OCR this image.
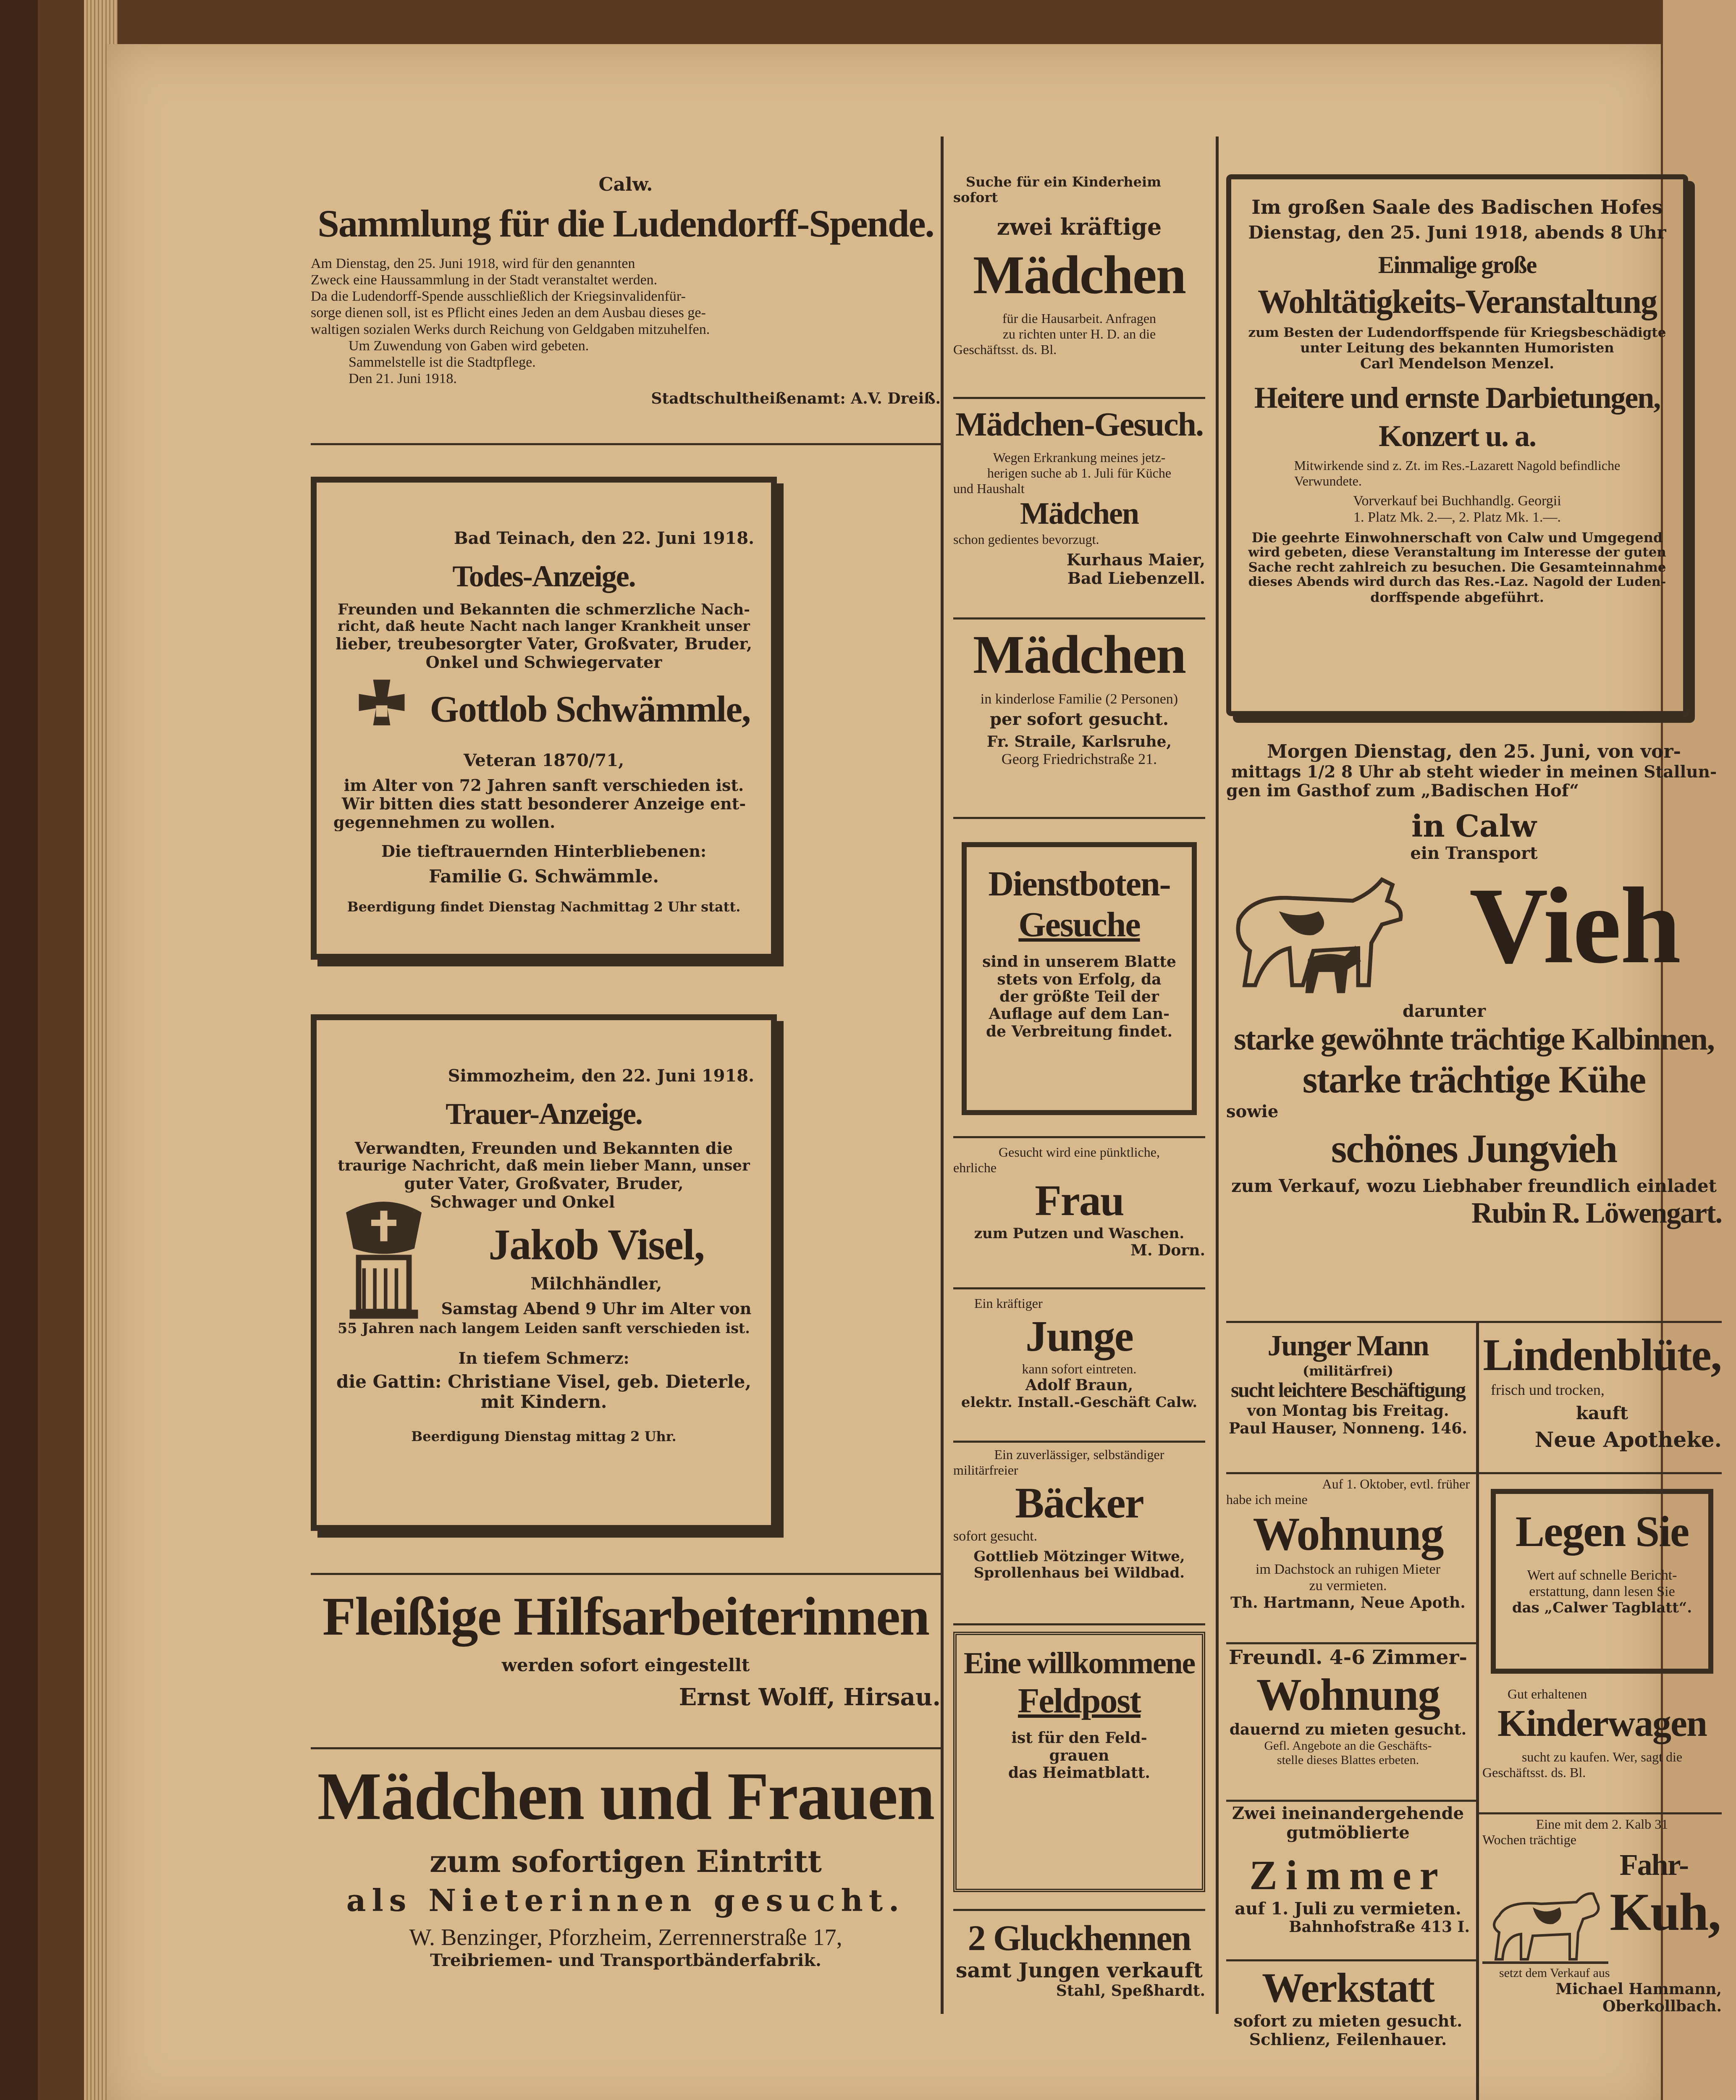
Calw.
Sammlung für die Ludendorff-Spende.
Am Dienstag, den 25. Juni 1918, wird für den genannten
Zweck eine Haussammlung in der Stadt veranstaltet werden.
Da die Ludendorff-Spende ausschließlich der Kriegsinvalidenfür-
sorge dienen soll, ist es Pflicht eines Jeden an dem Ausbau dieses ge-
waltigen sozialen Werks durch Reichung von Geldgaben mitzuhelfen.
Um Zuwendung von Gaben wird gebeten.
Sammelstelle ist die Stadtpflege.
Den 21. Juni 1918.
Stadtschultheißenamt: A.V. Dreiß.
Bad Teinach, den 22. Juni 1918.
Todes-Anzeige.
Freunden und Bekannten die schmerzliche Nach-
richt, daß heute Nacht nach langer Krankheit unser
lieber, treubesorgter Vater, Großvater, Bruder,
Onkel und Schwiegervater
Gottlob Schwämmle,
Veteran 1870/71,
im Alter von 72 Jahren sanft verschieden ist.
Wir bitten dies statt besonderer Anzeige ent-
gegennehmen zu wollen.
Die tieftrauernden Hinterbliebenen:
Familie G. Schwämmle.
Beerdigung findet Dienstag Nachmittag 2 Uhr statt.
Simmozheim, den 22. Juni 1918.
Trauer-Anzeige.
Verwandten, Freunden und Bekannten die
traurige Nachricht, daß mein lieber Mann, unser
guter Vater, Großvater, Bruder,
Schwager und Onkel
Jakob Visel,
Milchhändler,
Samstag Abend 9 Uhr im Alter von
55 Jahren nach langem Leiden sanft verschieden ist.
In tiefem Schmerz:
die Gattin: Christiane Visel, geb. Dieterle,
mit Kindern.
Beerdigung Dienstag mittag 2 Uhr.
Fleißige Hilfsarbeiterinnen
werden sofort eingestellt
Ernst Wolff, Hirsau.
Mädchen und Frauen
zum sofortigen Eintritt
als Nieterinnen gesucht.
W. Benzinger, Pforzheim, Zerrennerstraße 17,
Treibriemen- und Transportbänderfabrik.
Suche für ein Kinderheim
sofort
zwei kräftige
Mädchen
für die Hausarbeit. Anfragen
zu richten unter H. D. an die
Geschäftsst. ds. Bl.
Mädchen-Gesuch.
Wegen Erkrankung meines jetz-
herigen suche ab 1. Juli für Küche
und Haushalt
Mädchen
schon gedientes bevorzugt.
Kurhaus Maier,
Bad Liebenzell.
Mädchen
in kinderlose Familie (2 Personen)
per sofort gesucht.
Fr. Straile, Karlsruhe,
Georg Friedrichstraße 21.
Dienstboten-
Gesuche
sind in unserem Blatte
stets von Erfolg, da
der größte Teil der
Auflage auf dem Lan-
de Verbreitung findet.
Gesucht wird eine pünktliche,
ehrliche
Frau
zum Putzen und Waschen.
M. Dorn.
Ein kräftiger
Junge
kann sofort eintreten.
Adolf Braun,
elektr. Install.-Geschäft Calw.
Ein zuverlässiger, selbständiger
militärfreier
Bäcker
sofort gesucht.
Gottlieb Mötzinger Witwe,
Sprollenhaus bei Wildbad.
Eine willkommene
Feldpost
ist für den Feld-
grauen
das Heimatblatt.
2 Gluckhennen
samt Jungen verkauft
Stahl, Speßhardt.
Im großen Saale des Badischen Hofes
Dienstag, den 25. Juni 1918, abends 8 Uhr
Einmalige große
Wohltätigkeits-Veranstaltung
zum Besten der Ludendorffspende für Kriegsbeschädigte
unter Leitung des bekannten Humoristen
Carl Mendelson Menzel.
Heitere und ernste Darbietungen,
Konzert u. a.
Mitwirkende sind z. Zt. im Res.-Lazarett Nagold befindliche
Verwundete.
Vorverkauf bei Buchhandlg. Georgii
1. Platz Mk. 2.—, 2. Platz Mk. 1.—.
Die geehrte Einwohnerschaft von Calw und Umgegend
wird gebeten, diese Veranstaltung im Interesse der guten
Sache recht zahlreich zu besuchen. Die Gesamteinnahme
dieses Abends wird durch das Res.-Laz. Nagold der Luden-
dorffspende abgeführt.
Morgen Dienstag, den 25. Juni, von vor-
mittags 1/2 8 Uhr ab steht wieder in meinen Stallun-
gen im Gasthof zum „Badischen Hof“
in Calw
ein Transport
Vieh
darunter
starke gewöhnte trächtige Kalbinnen,
starke trächtige Kühe
sowie
schönes Jungvieh
zum Verkauf, wozu Liebhaber freundlich einladet
Rubin R. Löwengart.
Junger Mann
(militärfrei)
sucht leichtere Beschäftigung
von Montag bis Freitag.
Paul Hauser, Nonneng. 146.
Lindenblüte,
frisch und trocken,
kauft
Neue Apotheke.
Auf 1. Oktober, evtl. früher
habe ich meine
Wohnung
im Dachstock an ruhigen Mieter
zu vermieten.
Th. Hartmann, Neue Apoth.
Legen Sie
Wert auf schnelle Bericht-
erstattung, dann lesen Sie
das „Calwer Tagblatt“.
Freundl. 4-6 Zimmer-
Wohnung
dauernd zu mieten gesucht.
Gefl. Angebote an die Geschäfts-
stelle dieses Blattes erbeten.
Gut erhaltenen
Kinderwagen
sucht zu kaufen. Wer, sagt die
Geschäftsst. ds. Bl.
Zwei ineinandergehende
gutmöblierte
Zimmer
auf 1. Juli zu vermieten.
Bahnhofstraße 413 I.
Eine mit dem 2. Kalb 31
Wochen trächtige
Fahr-
Kuh,
setzt dem Verkauf aus
Michael Hammann,
Oberkollbach.
Werkstatt
sofort zu mieten gesucht.
Schlienz, Feilenhauer.
